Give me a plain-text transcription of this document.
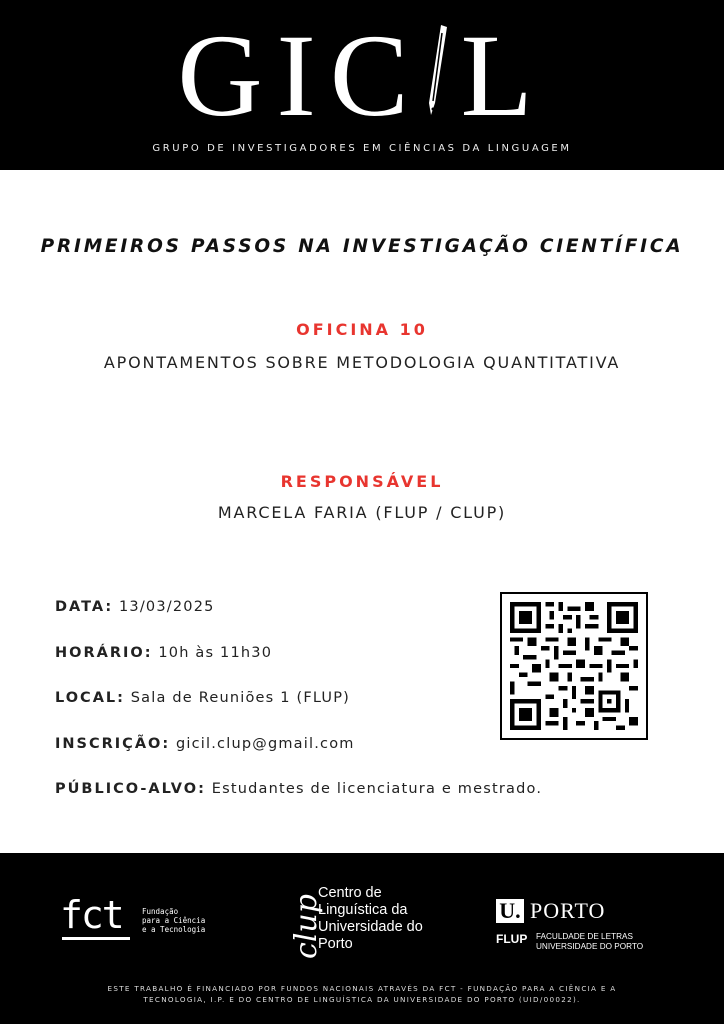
GIC L
GRUPO DE INVESTIGADORES EM CIÊNCIAS DA LINGUAGEM
PRIMEIROS PASSOS NA INVESTIGAÇÃO CIENTÍFICA
OFICINA 10
APONTAMENTOS SOBRE METODOLOGIA QUANTITATIVA
RESPONSÁVEL
MARCELA FARIA (FLUP / CLUP)
DATA: 13/03/2025
HORÁRIO: 10h às 11h30
LOCAL: Sala de Reuniões 1 (FLUP)
INSCRIÇÃO: gicil.clup@gmail.com
PÚBLICO-ALVO: Estudantes de licenciatura e mestrado.
fct	Fundação
para a Ciência
e a Tecnologia	clup
Centro de
Linguística da
Universidade do
Porto
U. PORTO
FLUP FACULDADE DE LETRAS
UNIVERSIDADE DO PORTO
ESTE TRABALHO É FINANCIADO POR FUNDOS NACIONAIS ATRAVÉS DA FCT - FUNDAÇÃO PARA A CIÊNCIA E A TECNOLOGIA, I.P. E DO CENTRO DE LINGUÍSTICA DA UNIVERSIDADE DO PORTO (UID/00022).
